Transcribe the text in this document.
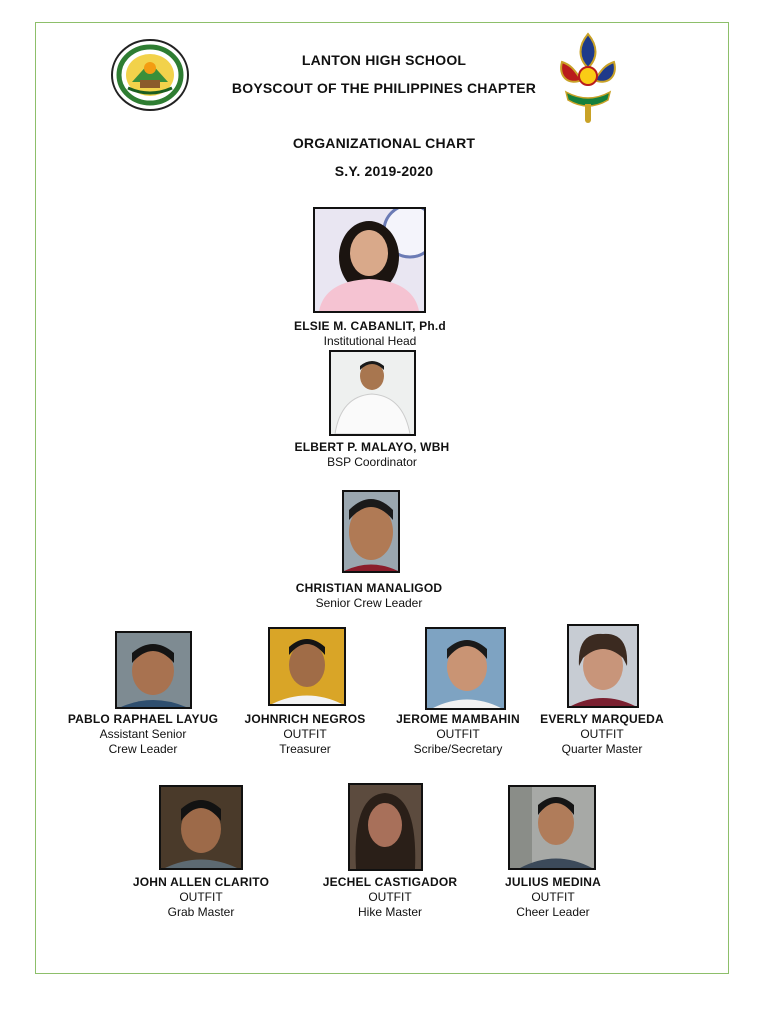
LANTON HIGH SCHOOL
BOYSCOUT OF THE PHILIPPINES CHAPTER
ORGANIZATIONAL CHART
S.Y. 2019-2020
ELSIE M. CABANLIT, Ph.d
Institutional Head
ELBERT P. MALAYO, WBH
BSP Coordinator
CHRISTIAN MANALIGOD
Senior Crew Leader
PABLO RAPHAEL LAYUG
Assistant Senior
Crew Leader
JOHNRICH NEGROS
OUTFIT
Treasurer
JEROME MAMBAHIN
OUTFIT
Scribe/Secretary
EVERLY MARQUEDA
OUTFIT
Quarter Master
JOHN ALLEN CLARITO
OUTFIT
Grab Master
JECHEL CASTIGADOR
OUTFIT
Hike Master
JULIUS MEDINA
OUTFIT
Cheer Leader
